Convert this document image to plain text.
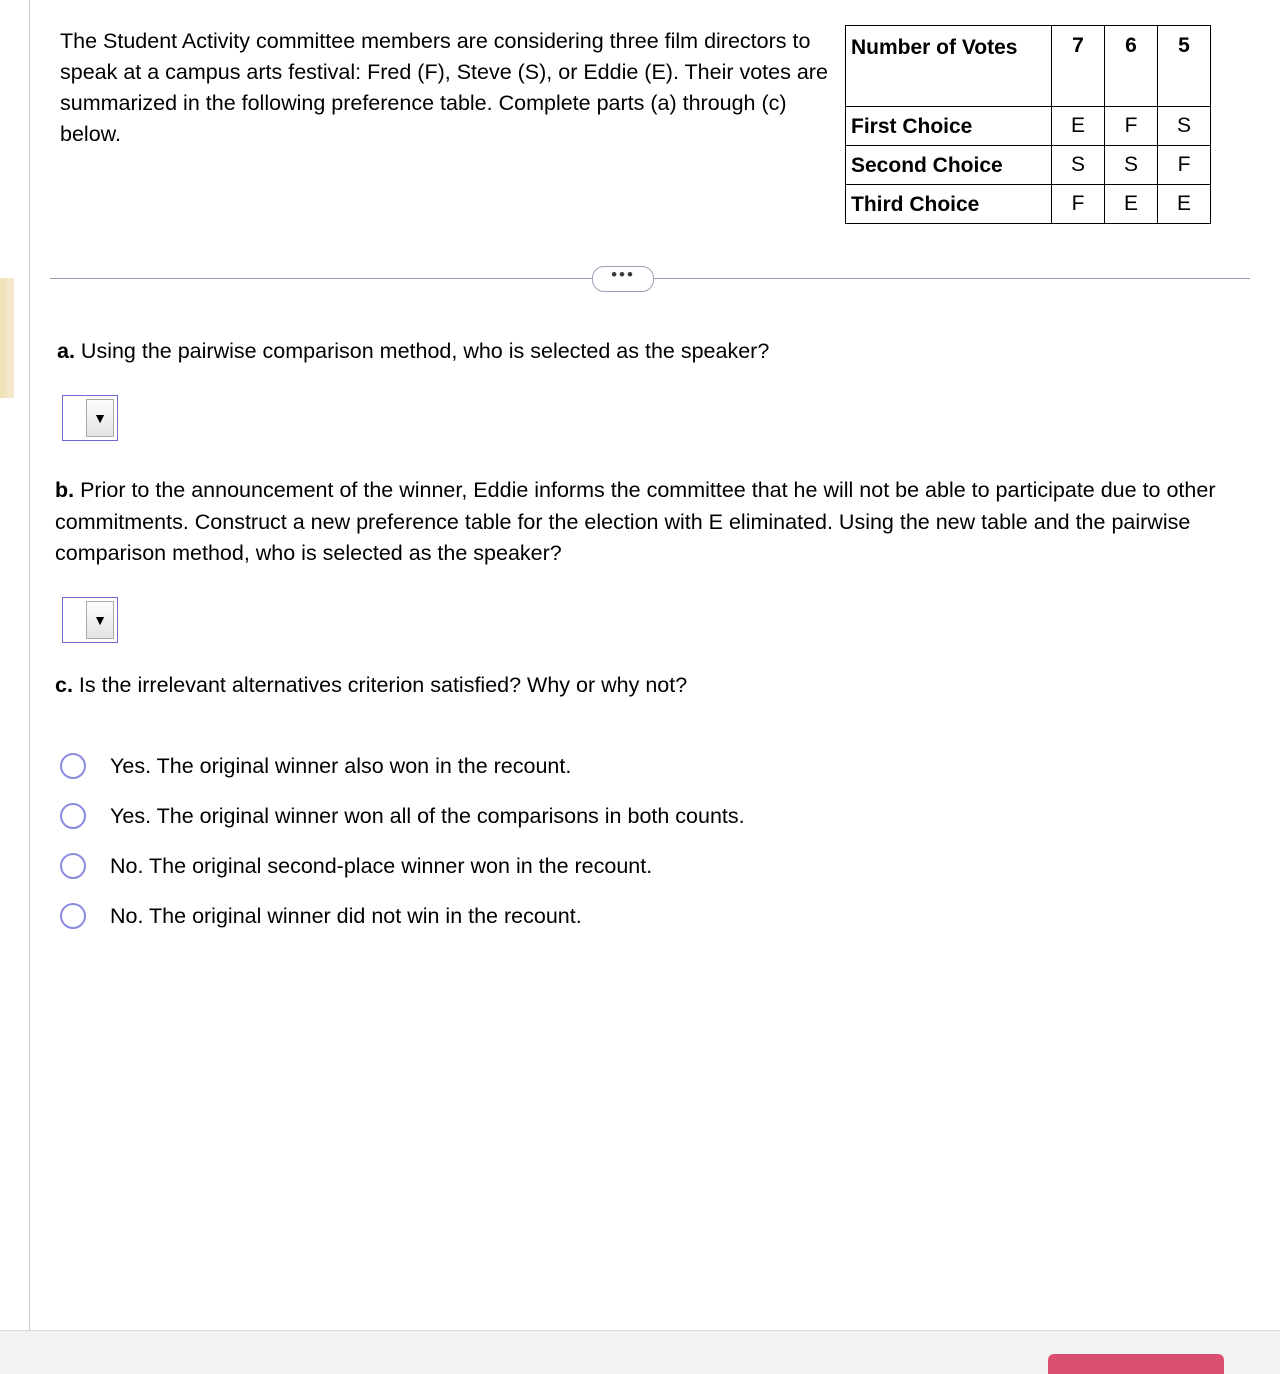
The Student Activity committee members are considering three film directors to speak at a campus arts festival: Fred (F), Steve (S), or Eddie (E). Their votes are summarized in the following preference table. Complete parts (a) through (c) below.
Number of Votes	7	6	5
First Choice	E	F	S
Second Choice	S	S	F
Third Choice	F	E	E
•••
a. Using the pairwise comparison method, who is selected as the speaker?
▼
b. Prior to the announcement of the winner, Eddie informs the committee that he will not be able to participate due to other commitments. Construct a new preference table for the election with E eliminated. Using the new table and the pairwise comparison method, who is selected as the speaker?
▼
c. Is the irrelevant alternatives criterion satisfied? Why or why not?
Yes. The original winner also won in the recount.
Yes. The original winner won all of the comparisons in both counts.
No. The original second-place winner won in the recount.
No. The original winner did not win in the recount.
